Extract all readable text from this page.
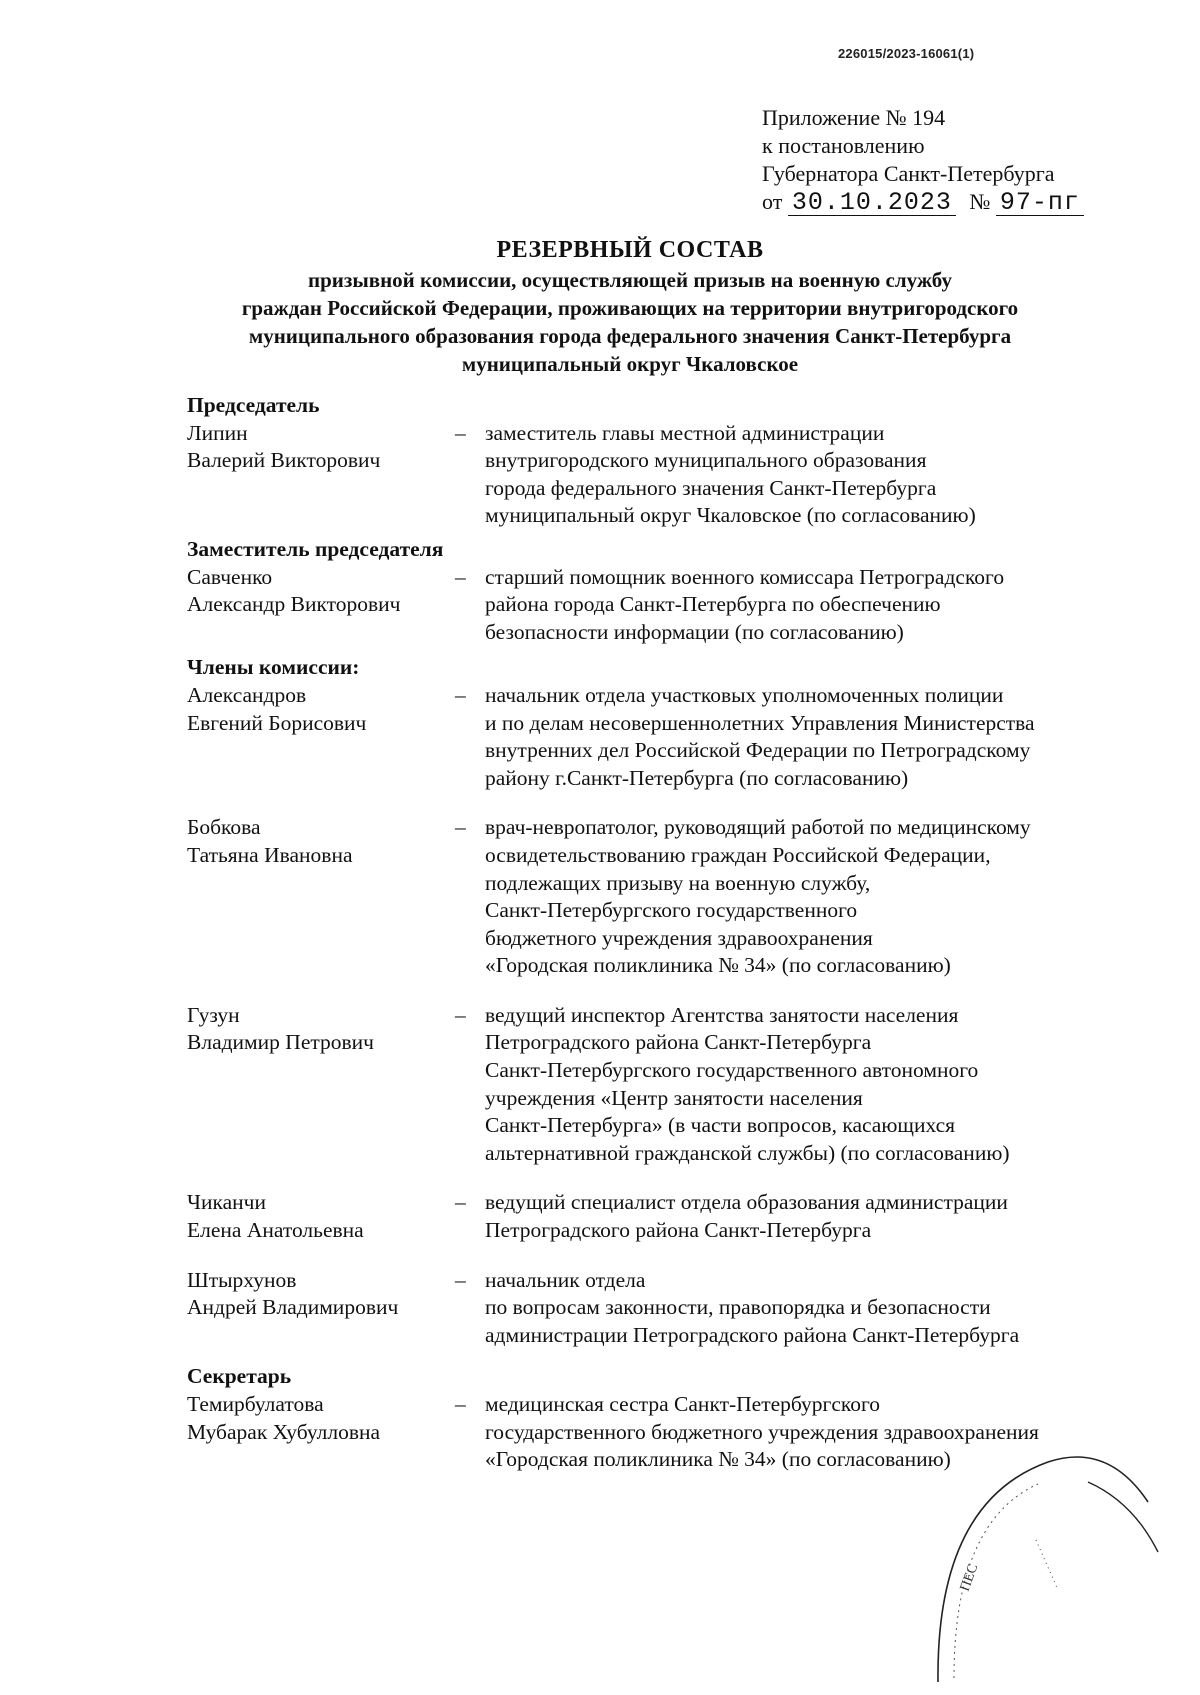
226015/2023-16061(1)
Приложение № 194
к постановлению
Губернатора Санкт-Петербурга
от 30.10.2023 № 97-пг
РЕЗЕРВНЫЙ СОСТАВ
призывной комиссии, осуществляющей призыв на военную службу
граждан Российской Федерации, проживающих на территории внутригородского
муниципального образования города федерального значения Санкт-Петербурга
муниципальный округ Чкаловское
Председатель
Липин
Валерий Викторович
– заместитель главы местной администрации
внутригородского муниципального образования
города федерального значения Санкт-Петербурга
муниципальный округ Чкаловское (по согласованию)
Заместитель председателя
Савченко
Александр Викторович
– старший помощник военного комиссара Петроградского
района города Санкт-Петербурга по обеспечению
безопасности информации (по согласованию)
Члены комиссии:
Александров
Евгений Борисович
– начальник отдела участковых уполномоченных полиции
и по делам несовершеннолетних Управления Министерства
внутренних дел Российской Федерации по Петроградскому
району г.Санкт-Петербурга (по согласованию)
Бобкова
Татьяна Ивановна
– врач-невропатолог, руководящий работой по медицинскому
освидетельствованию граждан Российской Федерации,
подлежащих призыву на военную службу,
Санкт-Петербургского государственного
бюджетного учреждения здравоохранения
«Городская поликлиника № 34» (по согласованию)
Гузун
Владимир Петрович
– ведущий инспектор Агентства занятости населения
Петроградского района Санкт-Петербурга
Санкт-Петербургского государственного автономного
учреждения «Центр занятости населения
Санкт-Петербурга» (в части вопросов, касающихся
альтернативной гражданской службы) (по согласованию)
Чиканчи
Елена Анатольевна
– ведущий специалист отдела образования администрации
Петроградского района Санкт-Петербурга
Штырхунов
Андрей Владимирович
– начальник отдела
по вопросам законности, правопорядка и безопасности
администрации Петроградского района Санкт-Петербурга
Секретарь
Темирбулатова
Мубарак Хубулловна
– медицинская сестра Санкт-Петербургского
государственного бюджетного учреждения здравоохранения
«Городская поликлиника № 34» (по согласованию)
ПЕС
